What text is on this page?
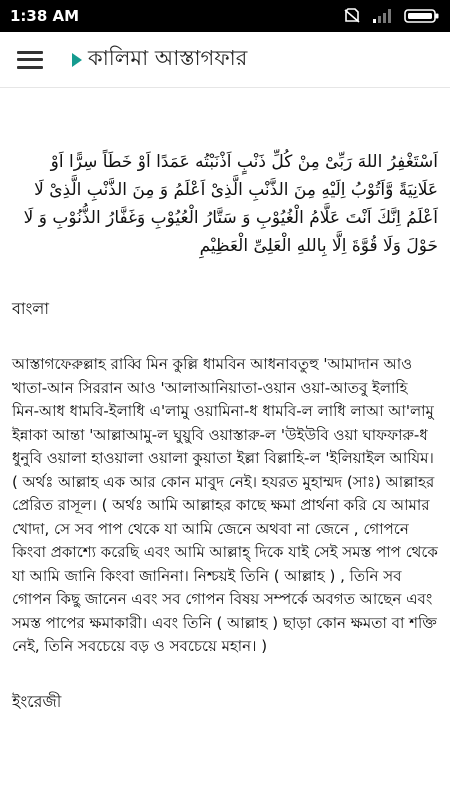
1:38 AM
কালিমা আস্তাগফার

اَسْتَغْفِرُ اللهَ رَبِّیْ مِنْ کُلِّ ذَنْبٍ اَذْنَبْتُه عَمَدًا اَوْ خَطَاً سِرًّا اَوْ عَلَانِيَةً وَّاَتُوْبُ اِلَيْهِ مِنَ الذَّنْبِ الَّذِیْ اَعْلَمُ وَ مِنَ الذَّنْبِ الَّذِیْ لَا اَعْلَمُ اِنَّكَ اَنْتَ عَلَّامُ الْغُيُوْبِ وَ سَتَّارُ الْعُيُوْبِ وَغَفَّارُ الذُّنُوْبِ وَ لَا حَوْلَ وَلَا قُوَّةَ اِلَّا بِاللهِ الْعَلِیِّ الْعَظِيْمِ

বাংলা

আস্তাগফেরুল্লাহ রাব্বি মিন কুল্লি ধামবিন আধনাবতুহু 'আমাদান আও খাতা-আন সিররান আও 'আলাআনিয়াতা-ওয়ান ওয়া-আতবু ইলাহি মিন-আধ ধামবি-ইলাধি এ'লামু ওয়ামিনা-ধ ধামবি-ল লাধি লাআ আ'লামু ইন্নাকা আন্তা 'আল্লাআমু-ল ঘুয়ুবি ওয়াস্তারু-ল 'উইউবি ওয়া ঘাফফারু-ধ ধুনুবি ওয়ালা হাওয়ালা ওয়ালা কুয়াতা ইল্লা বিল্লাহি-ল 'ইলিয়াইল আযিম। ( অর্থঃ আল্লাহ এক আর কোন মাবুদ নেই। হযরত মুহাম্মদ (সাঃ) আল্লাহর প্রেরিত রাসূল। ( অর্থঃ আমি আল্লাহর কাছে ক্ষমা প্রার্থনা করি যে আমার খোদা, সে সব পাপ থেকে যা আমি জেনে অথবা না জেনে , গোপনে কিংবা প্রকাশ্যে করেছি এবং আমি আল্লাহ্‌ দিকে যাই সেই সমস্ত পাপ থেকে যা আমি জানি কিংবা জানিনা। নিশ্চয়ই তিনি ( আল্লাহ ) , তিনি সব গোপন কিছু জানেন এবং সব গোপন বিষয় সম্পর্কে অবগত আছেন এবং সমস্ত পাপের ক্ষমাকারী। এবং তিনি ( আল্লাহ ) ছাড়া কোন ক্ষমতা বা শক্তি নেই, তিনি সবচেয়ে বড় ও সবচেয়ে মহান। )

ইংরেজী
